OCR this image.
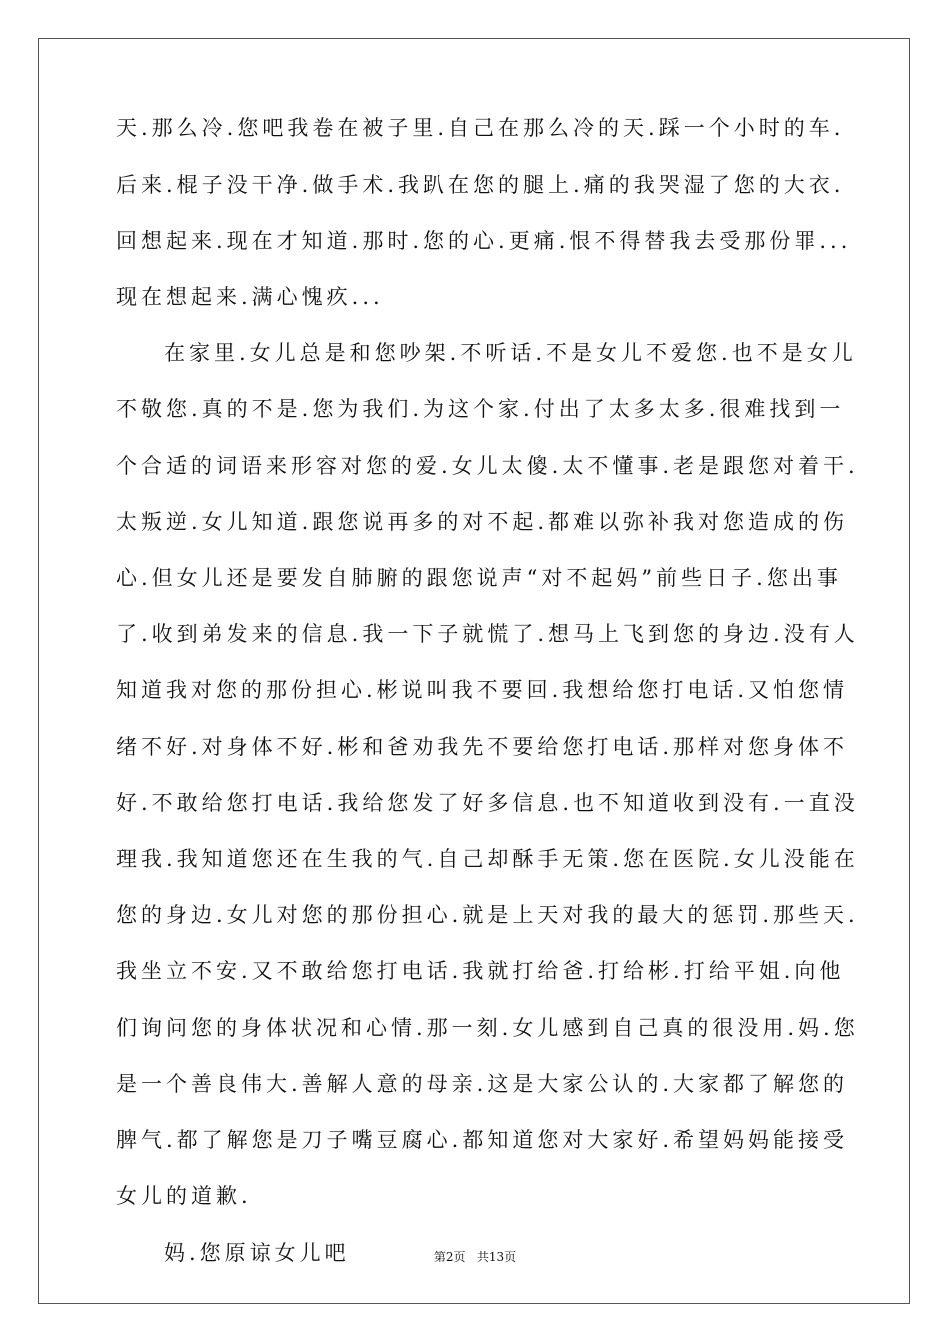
天.那么冷.您吧我卷在被子里.自己在那么冷的天.踩一个小时的车.
后来.棍子没干净.做手术.我趴在您的腿上.痛的我哭湿了您的大衣.
回想起来.现在才知道.那时.您的心.更痛.恨不得替我去受那份罪...
现在想起来.满心愧疚...
在家里.女儿总是和您吵架.不听话.不是女儿不爱您.也不是女儿
不敬您.真的不是.您为我们.为这个家.付出了太多太多.很难找到一
个合适的词语来形容对您的爱.女儿太傻.太不懂事.老是跟您对着干.
太叛逆.女儿知道.跟您说再多的对不起.都难以弥补我对您造成的伤
心.但女儿还是要发自肺腑的跟您说声“对不起妈”前些日子.您出事
了.收到弟发来的信息.我一下子就慌了.想马上飞到您的身边.没有人
知道我对您的那份担心.彬说叫我不要回.我想给您打电话.又怕您情
绪不好.对身体不好.彬和爸劝我先不要给您打电话.那样对您身体不
好.不敢给您打电话.我给您发了好多信息.也不知道收到没有.一直没
理我.我知道您还在生我的气.自己却酥手无策.您在医院.女儿没能在
您的身边.女儿对您的那份担心.就是上天对我的最大的惩罚.那些天.
我坐立不安.又不敢给您打电话.我就打给爸.打给彬.打给平姐.向他
们询问您的身体状况和心情.那一刻.女儿感到自己真的很没用.妈.您
是一个善良伟大.善解人意的母亲.这是大家公认的.大家都了解您的
脾气.都了解您是刀子嘴豆腐心.都知道您对大家好.希望妈妈能接受
女儿的道歉.
妈.您原谅女儿吧	第2页   共13页
